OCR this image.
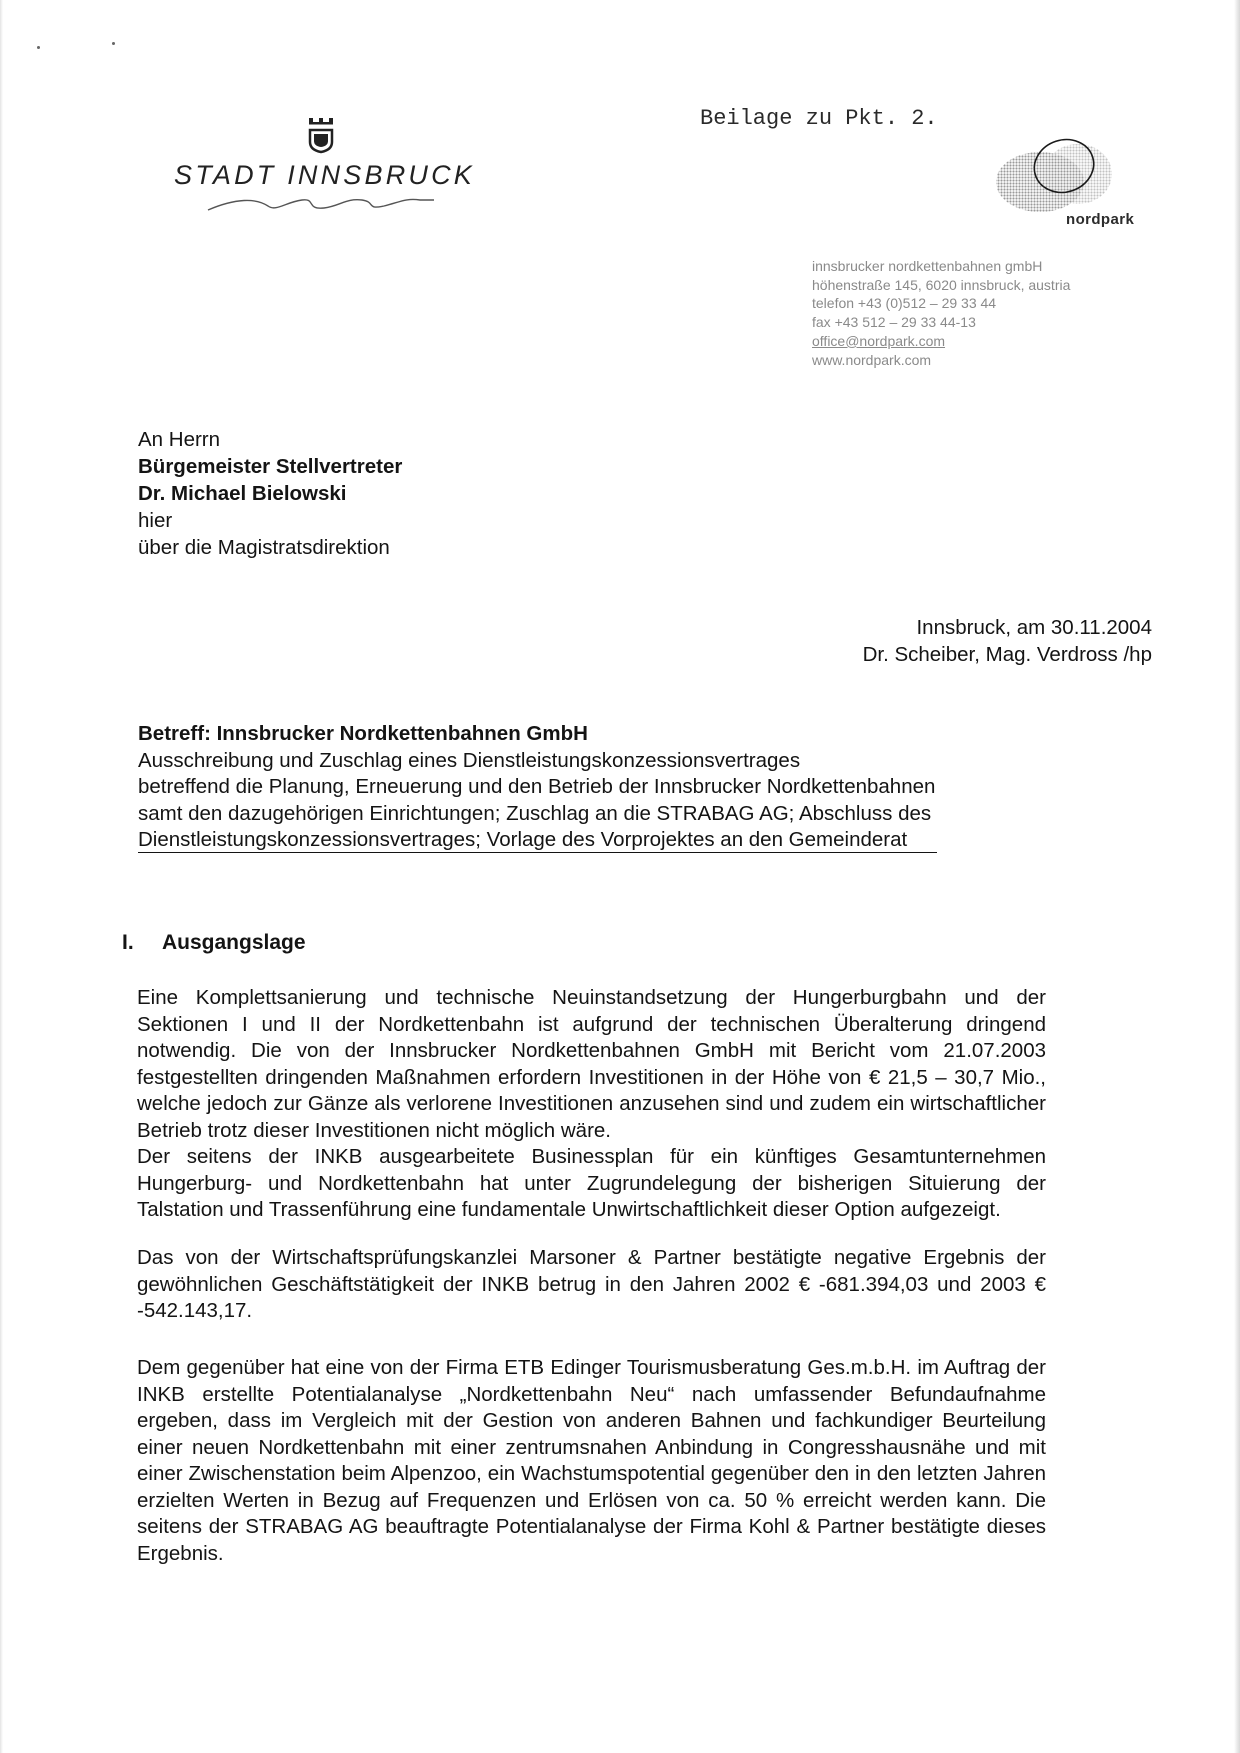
STADT INNSBRUCK
Beilage zu Pkt. 2.
nordpark
innsbrucker nordkettenbahnen gmbH
höhenstraße 145, 6020 innsbruck, austria
telefon +43 (0)512 – 29 33 44
fax +43 512 – 29 33 44-13
office@nordpark.com
www.nordpark.com
An Herrn
Bürgemeister Stellvertreter
Dr. Michael Bielowski
hier
über die Magistratsdirektion
Innsbruck, am 30.11.2004
Dr. Scheiber, Mag. Verdross /hp
Betreff: Innsbrucker Nordkettenbahnen GmbH
Ausschreibung und Zuschlag eines Dienstleistungskonzessionsvertrages
betreffend die Planung, Erneuerung und den Betrieb der Innsbrucker Nordkettenbahnen
samt den dazugehörigen Einrichtungen; Zuschlag an die STRABAG AG; Abschluss des
Dienstleistungskonzessionsvertrages; Vorlage des Vorprojektes an den Gemeinderat
I. Ausgangslage

Eine Komplettsanierung und technische Neuinstandsetzung der Hungerburgbahn und der Sektionen I und II der Nordkettenbahn ist aufgrund der technischen Überalterung dringend notwendig. Die von der Innsbrucker Nordkettenbahnen GmbH mit Bericht vom 21.07.2003 festgestellten dringenden Maßnahmen erfordern Investitionen in der Höhe von € 21,5 – 30,7 Mio., welche jedoch zur Gänze als verlorene Investitionen anzusehen sind und zudem ein wirtschaftlicher Betrieb trotz dieser Investitionen nicht möglich wäre.

Der seitens der INKB ausgearbeitete Businessplan für ein künftiges Gesamtunternehmen Hungerburg- und Nordkettenbahn hat unter Zugrundelegung der bisherigen Situierung der Talstation und Trassenführung eine fundamentale Unwirtschaftlichkeit dieser Option aufgezeigt.

Das von der Wirtschaftsprüfungskanzlei Marsoner & Partner bestätigte negative Ergebnis der gewöhnlichen Geschäftstätigkeit der INKB betrug in den Jahren 2002 € -681.394,03 und 2003 € -542.143,17.

Dem gegenüber hat eine von der Firma ETB Edinger Tourismusberatung Ges.m.b.H. im Auftrag der INKB erstellte Potentialanalyse „Nordkettenbahn Neu“ nach umfassender Befundaufnahme ergeben, dass im Vergleich mit der Gestion von anderen Bahnen und fachkundiger Beurteilung einer neuen Nordkettenbahn mit einer zentrumsnahen Anbindung in Congresshausnähe und mit einer Zwischenstation beim Alpenzoo, ein Wachstumspotential gegenüber den in den letzten Jahren erzielten Werten in Bezug auf Frequenzen und Erlösen von ca. 50 % erreicht werden kann. Die seitens der STRABAG AG beauftragte Potentialanalyse der Firma Kohl & Partner bestätigte dieses Ergebnis.
